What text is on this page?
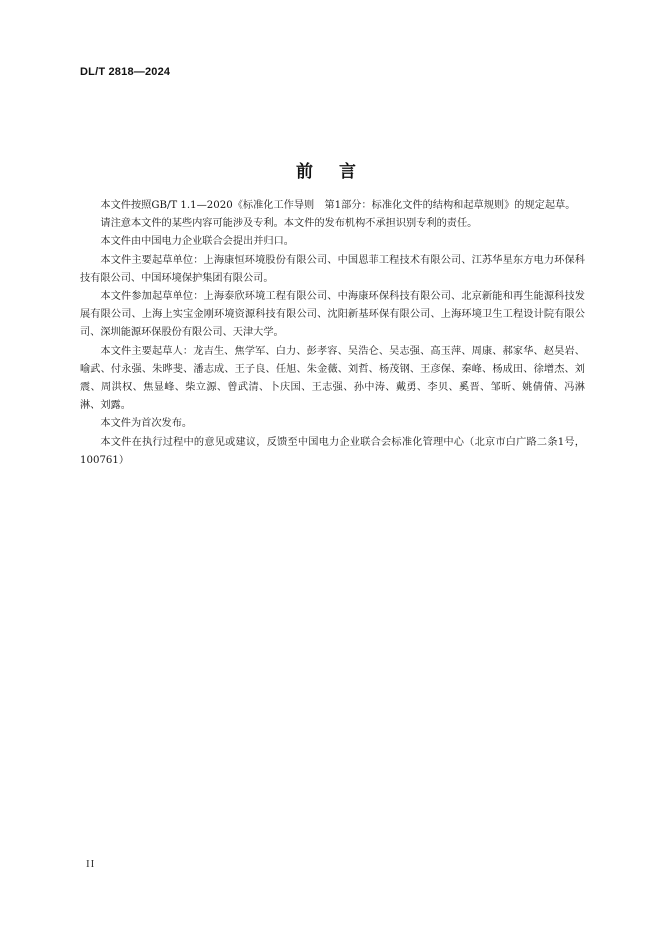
DL/T 2818—2024
前 言

本文件按照GB/T 1.1—2020《标准化工作导则　第1部分：标准化文件的结构和起草规则》的规定起草。

请注意本文件的某些内容可能涉及专利。本文件的发布机构不承担识别专利的责任。

本文件由中国电力企业联合会提出并归口。

本文件主要起草单位：上海康恒环境股份有限公司、中国恩菲工程技术有限公司、江苏华星东方电力环保科技有限公司、中国环境保护集团有限公司。

本文件参加起草单位：上海泰欣环境工程有限公司、中海康环保科技有限公司、北京新能和再生能源科技发展有限公司、上海上实宝金刚环境资源科技有限公司、沈阳新基环保有限公司、上海环境卫生工程设计院有限公司、深圳能源环保股份有限公司、天津大学。

本文件主要起草人：龙吉生、焦学军、白力、彭孝容、吴浩仑、吴志强、高玉萍、周康、郝家华、赵昊岩、喻武、付永强、朱晔斐、潘志成、王子良、任旭、朱金薇、刘哲、杨茂钢、王彦保、秦峰、杨成田、徐增杰、刘震、周洪权、焦显峰、柴立源、曾武清、卜庆国、王志强、孙中涛、戴勇、李贝、奚晋、邹昕、姚倩倩、冯淋淋、刘露。

本文件为首次发布。

本文件在执行过程中的意见或建议，反馈至中国电力企业联合会标准化管理中心（北京市白广路二条1号，100761）

II
